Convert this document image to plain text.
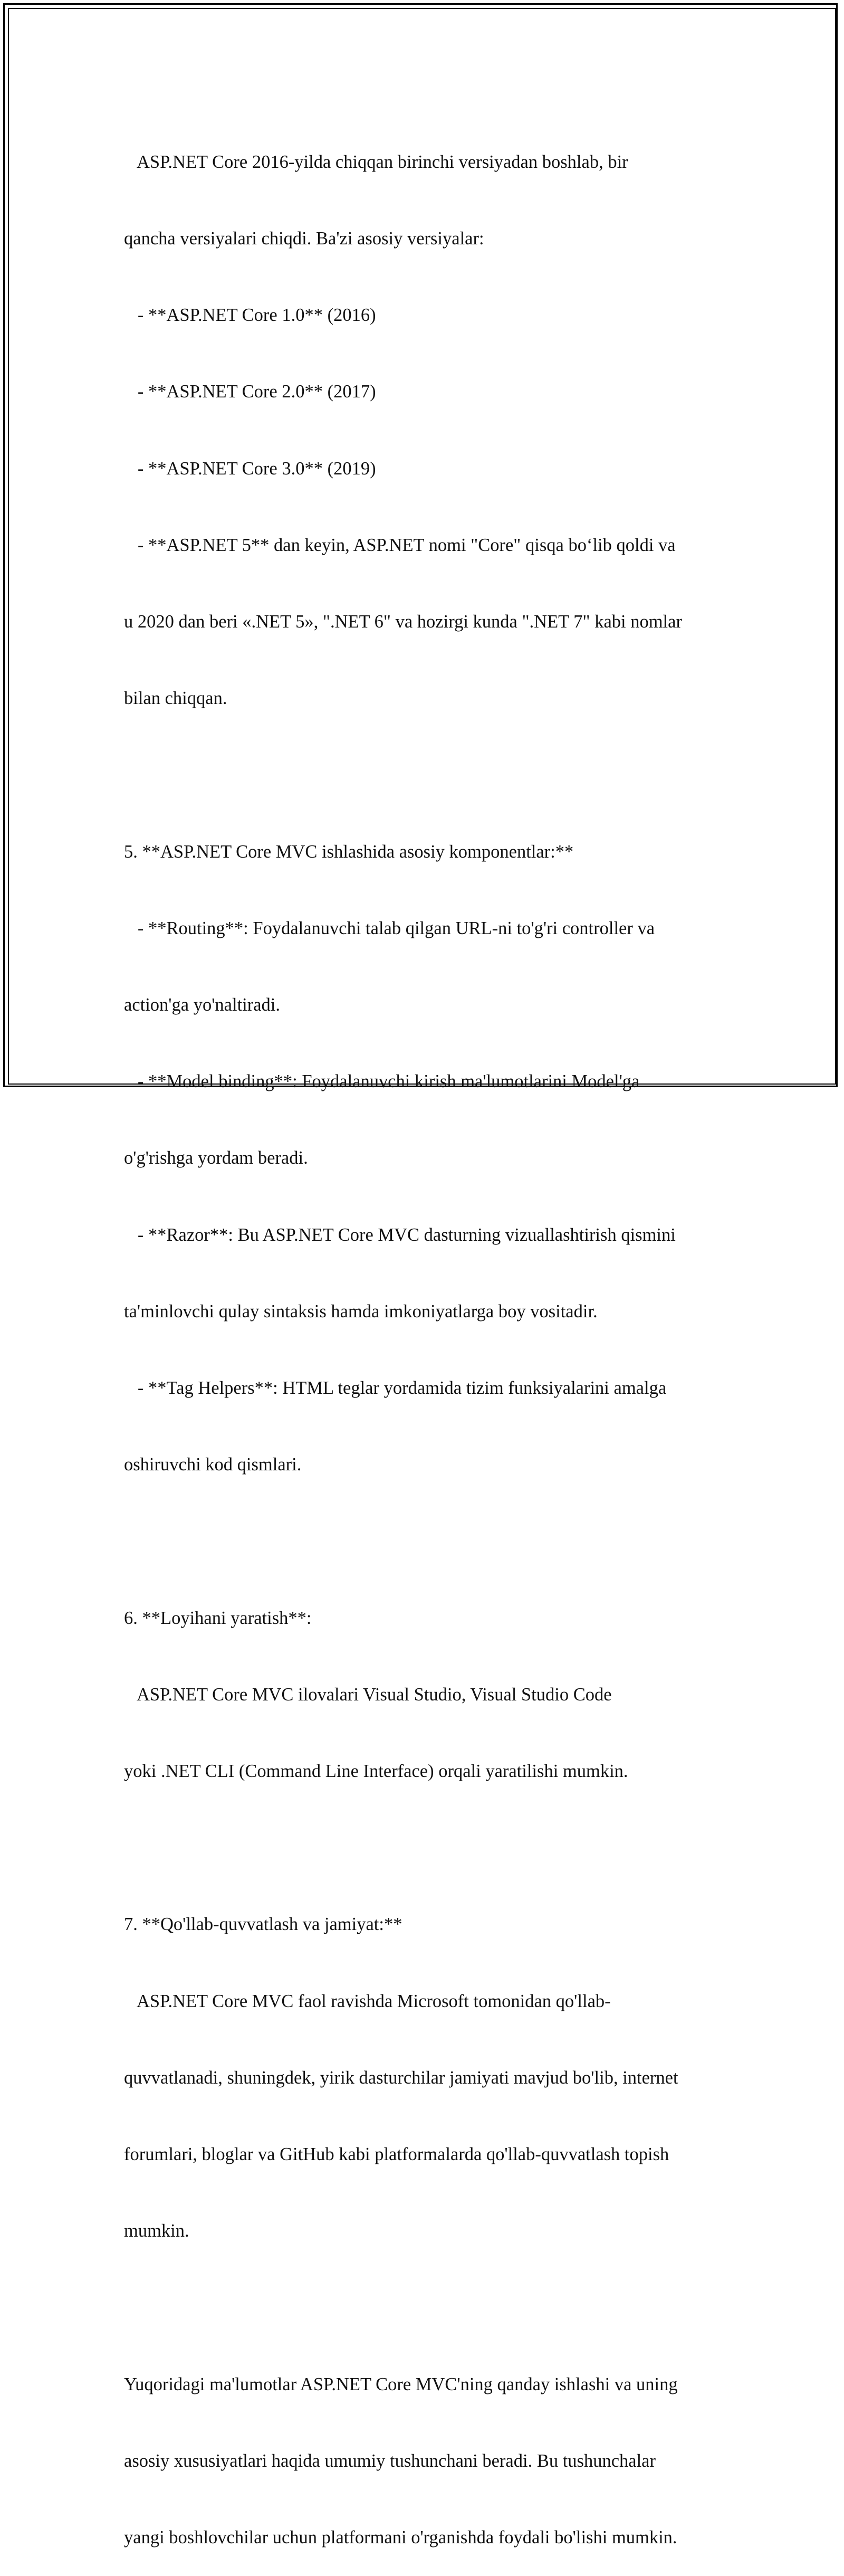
ASP.NET Core 2016-yilda chiqqan birinchi versiyadan boshlab, bir

qancha versiyalari chiqdi. Ba'zi asosiy versiyalar:

- **ASP.NET Core 1.0** (2016)

- **ASP.NET Core 2.0** (2017)

- **ASP.NET Core 3.0** (2019)

- **ASP.NET 5** dan keyin, ASP.NET nomi "Core" qisqa bo‘lib qoldi va

u 2020 dan beri «.NET 5», ".NET 6" va hozirgi kunda ".NET 7" kabi nomlar

bilan chiqqan.

5. **ASP.NET Core MVC ishlashida asosiy komponentlar:**

- **Routing**: Foydalanuvchi talab qilgan URL-ni to'g'ri controller va

action'ga yo'naltiradi.

- **Model binding**: Foydalanuvchi kirish ma'lumotlarini Model'ga

o'g'rishga yordam beradi.

- **Razor**: Bu ASP.NET Core MVC dasturning vizuallashtirish qismini

ta'minlovchi qulay sintaksis hamda imkoniyatlarga boy vositadir.

- **Tag Helpers**: HTML teglar yordamida tizim funksiyalarini amalga

oshiruvchi kod qismlari.

6. **Loyihani yaratish**:

ASP.NET Core MVC ilovalari Visual Studio, Visual Studio Code

yoki .NET CLI (Command Line Interface) orqali yaratilishi mumkin.

7. **Qo'llab-quvvatlash va jamiyat:**

ASP.NET Core MVC faol ravishda Microsoft tomonidan qo'llab-

quvvatlanadi, shuningdek, yirik dasturchilar jamiyati mavjud bo'lib, internet

forumlari, bloglar va GitHub kabi platformalarda qo'llab-quvvatlash topish

mumkin.

Yuqoridagi ma'lumotlar ASP.NET Core MVC'ning qanday ishlashi va uning

asosiy xususiyatlari haqida umumiy tushunchani beradi. Bu tushunchalar

yangi boshlovchilar uchun platformani o'rganishda foydali bo'lishi mumkin.
